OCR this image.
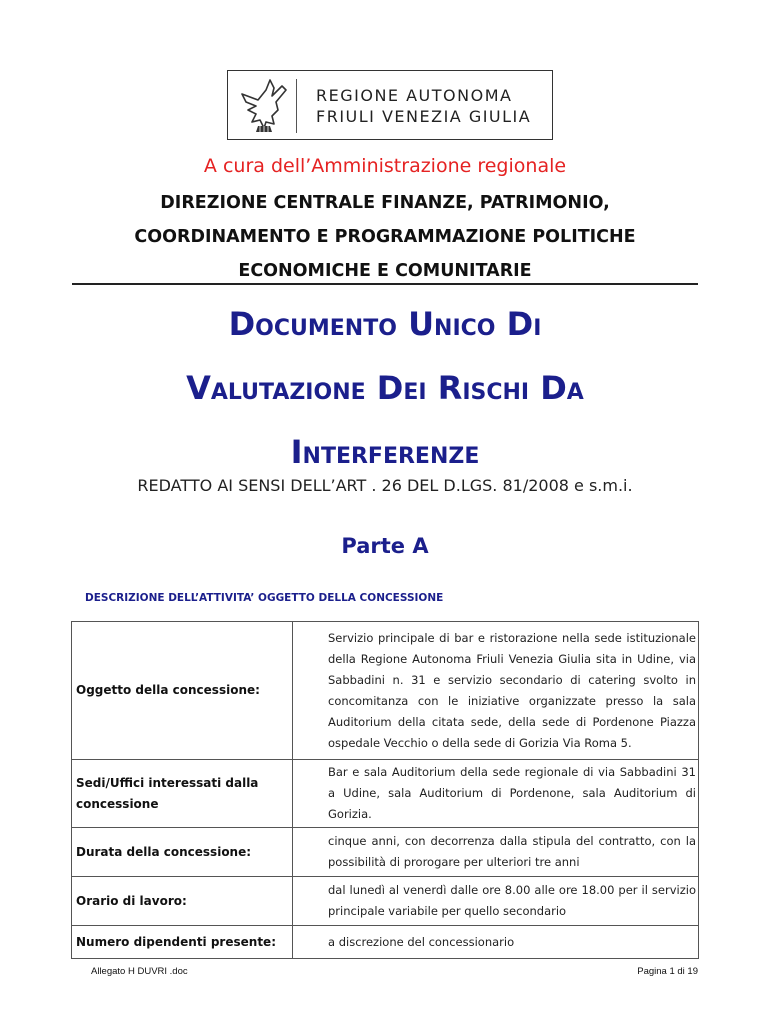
REGIONE AUTONOMA
FRIULI VENEZIA GIULIA
A cura dell’Amministrazione regionale
DIREZIONE CENTRALE FINANZE, PATRIMONIO,
COORDINAMENTO E PROGRAMMAZIONE POLITICHE
ECONOMICHE E COMUNITARIE
Documento Unico Di
Valutazione Dei Rischi Da
Interferenze
REDATTO AI SENSI DELL’ART . 26 DEL D.LGS. 81/2008 e s.m.i.
Parte A
DESCRIZIONE DELL’ATTIVITA’ OGGETTO DELLA CONCESSIONE
Oggetto della concessione:	Servizio principale di bar e ristorazione nella sede istituzionale della Regione Autonoma Friuli Venezia Giulia sita in Udine, via Sabbadini n. 31 e servizio secondario di catering svolto in concomitanza con le iniziative organizzate presso la sala Auditorium della citata sede, della sede di Pordenone Piazza ospedale Vecchio o della sede di Gorizia Via Roma 5.
Sedi/Uffici interessati dalla concessione	Bar e sala Auditorium della sede regionale di via Sabbadini 31 a Udine, sala Auditorium di Pordenone, sala Auditorium di Gorizia.
Durata della concessione:	cinque anni, con decorrenza dalla stipula del contratto, con la possibilità di prorogare per ulteriori tre anni
Orario di lavoro:	dal lunedì al venerdì dalle ore 8.00 alle ore 18.00 per il servizio principale variabile per quello secondario
Numero dipendenti presente:	a discrezione del concessionario
Allegato H DUVRI .doc	Pagina 1 di 19
